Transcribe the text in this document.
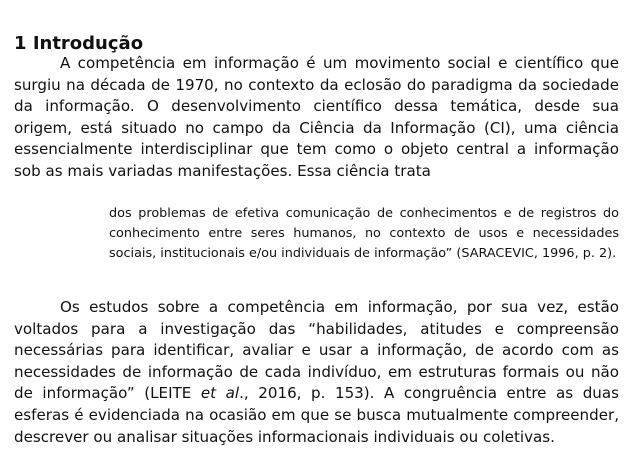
1 Introdução

A competência em informação é um movimento social e científico que surgiu na década de 1970, no contexto da eclosão do paradigma da sociedade da informação. O desenvolvimento científico dessa temática, desde sua origem, está situado no campo da Ciência da Informação (CI), uma ciência essencialmente interdisciplinar que tem como o objeto central a informação sob as mais variadas manifestações. Essa ciência trata

dos problemas de efetiva comunicação de conhecimentos e de registros do conhecimento entre seres humanos, no contexto de usos e necessidades sociais, institucionais e/ou individuais de informação” (SARACEVIC, 1996, p. 2).

Os estudos sobre a competência em informação, por sua vez, estão voltados para a investigação das “habilidades, atitudes e compreensão necessárias para identificar, avaliar e usar a informação, de acordo com as necessidades de informação de cada indivíduo, em estruturas formais ou não de informação” (LEITE et al., 2016, p. 153). A congruência entre as duas esferas é evidenciada na ocasião em que se busca mutualmente compreender, descrever ou analisar situações informacionais individuais ou coletivas.
